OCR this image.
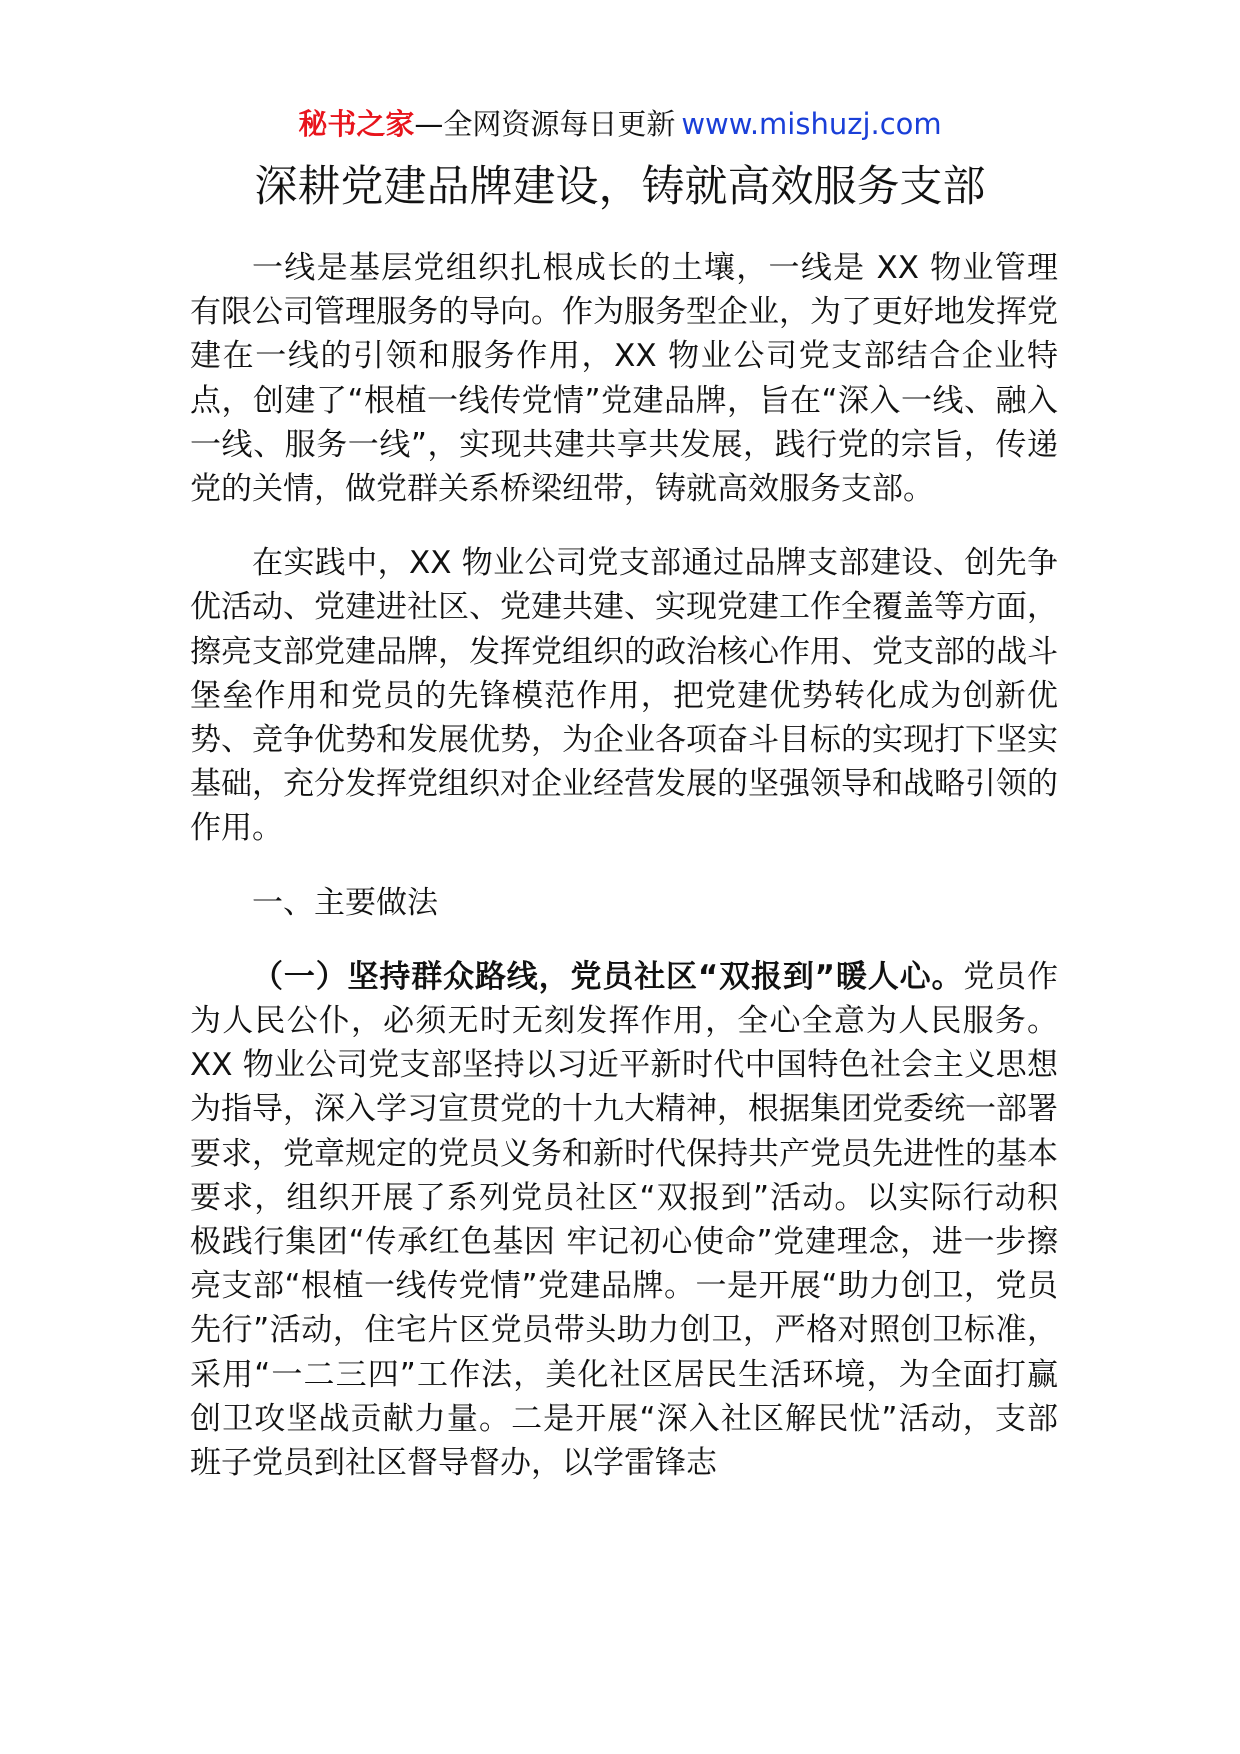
秘书之家—全网资源每日更新 www.mishuzj.com
深耕党建品牌建设，铸就高效服务支部

一线是基层党组织扎根成长的土壤，一线是 XX 物业管理有限公司管理服务的导向。作为服务型企业，为了更好地发挥党建在一线的引领和服务作用，XX 物业公司党支部结合企业特点，创建了“根植一线传党情”党建品牌，旨在“深入一线、融入一线、服务一线”，实现共建共享共发展，践行党的宗旨，传递党的关情，做党群关系桥梁纽带，铸就高效服务支部。

在实践中，XX 物业公司党支部通过品牌支部建设、创先争优活动、党建进社区、党建共建、实现党建工作全覆盖等方面，擦亮支部党建品牌，发挥党组织的政治核心作用、党支部的战斗堡垒作用和党员的先锋模范作用，把党建优势转化成为创新优势、竞争优势和发展优势，为企业各项奋斗目标的实现打下坚实基础，充分发挥党组织对企业经营发展的坚强领导和战略引领的作用。

一、主要做法

（一）坚持群众路线，党员社区“双报到”暖人心。党员作为人民公仆，必须无时无刻发挥作用，全心全意为人民服务。XX 物业公司党支部坚持以习近平新时代中国特色社会主义思想为指导，深入学习宣贯党的十九大精神，根据集团党委统一部署要求，党章规定的党员义务和新时代保持共产党员先进性的基本要求，组织开展了系列党员社区“双报到”活动。以实际行动积极践行集团“传承红色基因 牢记初心使命”党建理念，进一步擦亮支部“根植一线传党情”党建品牌。一是开展“助力创卫，党员先行”活动，住宅片区党员带头助力创卫，严格对照创卫标准，采用“一二三四”工作法，美化社区居民生活环境，为全面打赢创卫攻坚战贡献力量。二是开展“深入社区解民忧”活动，支部班子党员到社区督导督办，以学雷锋志
